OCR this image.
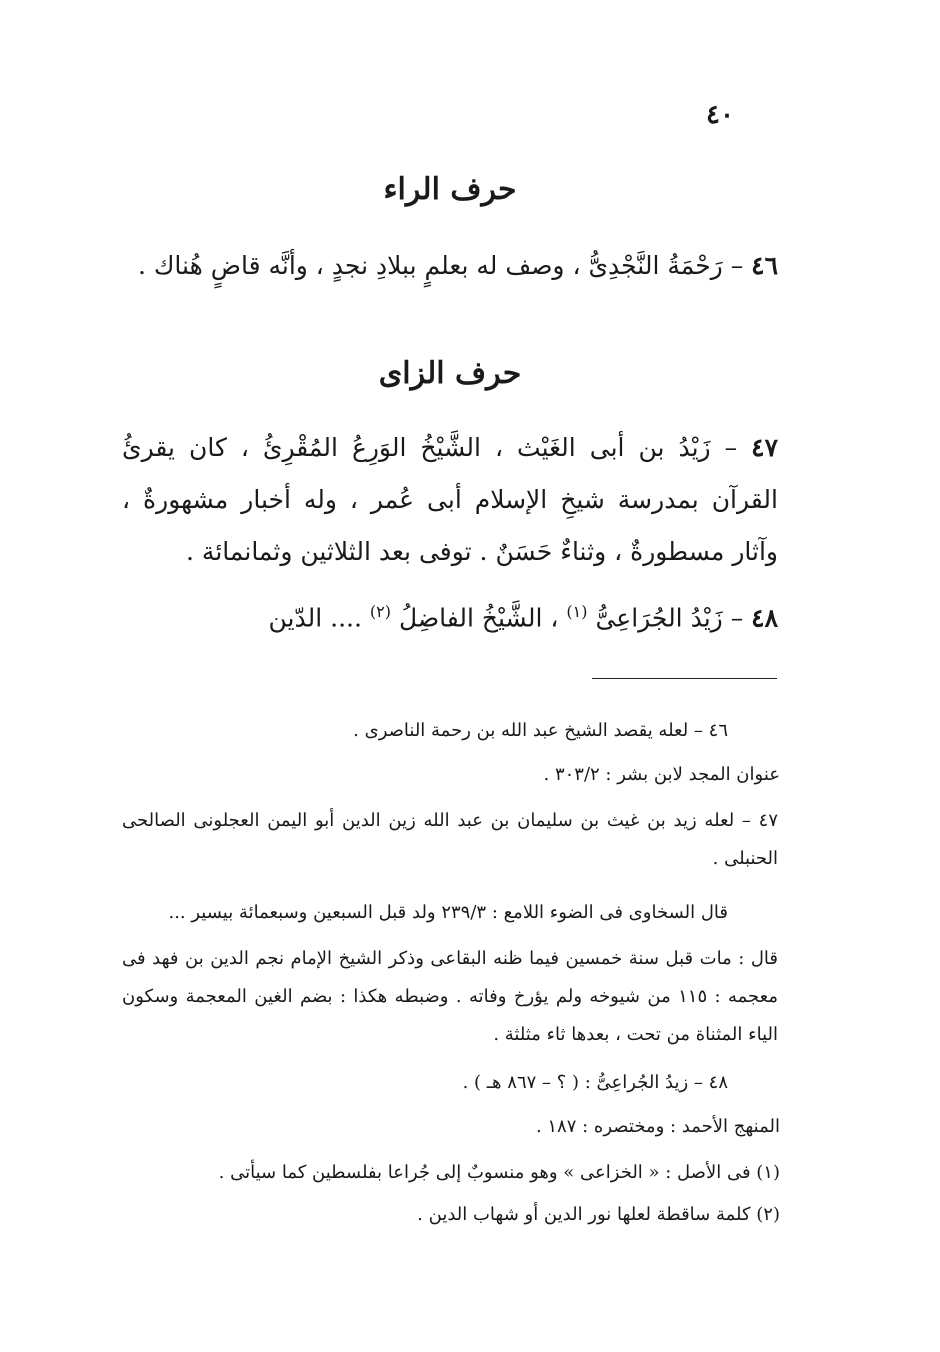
٤٠
حرف الراء
٤٦ – رَحْمَةُ النَّجْدِىُّ ، وصف له بعلمٍ ببلادِ نجدٍ ، وأنَّه قاضٍ هُناك .
حرف الزاى
٤٧ – زَيْدُ بن أبى الغَيْث ، الشَّيْخُ الوَرِعُ المُقْرِئُ ، كان يقرئُ القرآن بمدرسة شيخِ الإسلام أبى عُمر ، وله أخبار مشهورةٌ ، وآثار مسطورةٌ ، وثناءٌ حَسَنٌ . توفى بعد الثلاثين وثمانمائة .
٤٨ – زَيْدُ الجُرَاعِىُّ $^{(١)}$ ، الشَّيْخُ الفاضِلُ $^{(٢)}$ .... الدّين
٤٦ – لعله يقصد الشيخ عبد الله بن رحمة الناصرى .
عنوان المجد لابن بشر : ٣٠٣/٢ .
٤٧ – لعله زيد بن غيث بن سليمان بن عبد الله زين الدين أبو اليمن العجلونى الصالحى الحنبلى .
قال السخاوى فى الضوء اللامع : ٢٣٩/٣ ولد قبل السبعين وسبعمائة بيسير ...
قال : مات قبل سنة خمسين فيما ظنه البقاعى وذكر الشيخ الإمام نجم الدين بن فهد فى معجمه : ١١٥ من شيوخه ولم يؤرخ وفاته . وضبطه هكذا : بضم الغين المعجمة وسكون الياء المثناة من تحت ، بعدها ثاء مثلثة .
٤٨ – زيدُ الجُراعِىُّ : ( ؟ – ٨٦٧ هـ ) .
المنهج الأحمد : ومختصره : ١٨٧ .
(١) فى الأصل : « الخزاعى » وهو منسوبٌ إلى جُراعا بفلسطين كما سيأتى .
(٢) كلمة ساقطة لعلها نور الدين أو شهاب الدين .
